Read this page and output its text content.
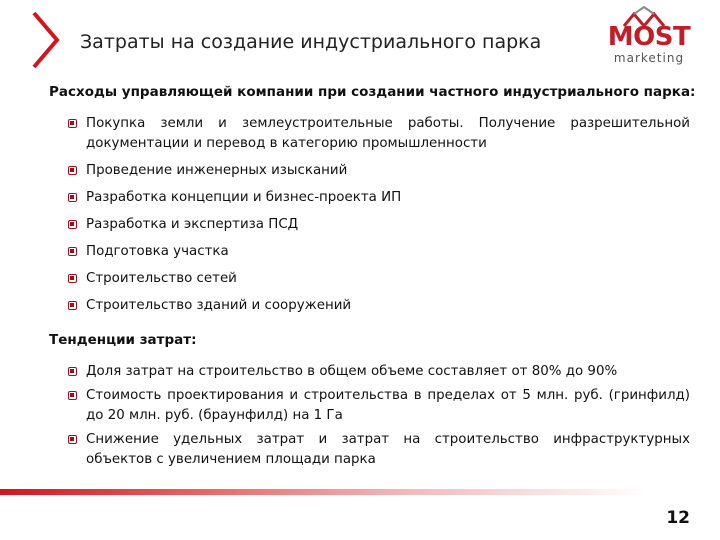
Затраты на создание индустриального парка	MOST
marketing
Расходы управляющей компании при создании частного индустриального парка:
Покупка земли и землеустроительные работы. Получение разрешительной документации и перевод в категорию промышленности
Проведение инженерных изысканий
Разработка концепции и бизнес-проекта ИП
Разработка и экспертиза ПСД
Подготовка участка
Строительство сетей
Строительство зданий и сооружений
Тенденции затрат:
Доля затрат на строительство в общем объеме составляет от 80% до 90%
Стоимость проектирования и строительства в пределах от 5 млн. руб. (гринфилд) до 20 млн. руб. (браунфилд) на 1 Га
Снижение удельных затрат и затрат на строительство инфраструктурных объектов с увеличением площади парка
12
